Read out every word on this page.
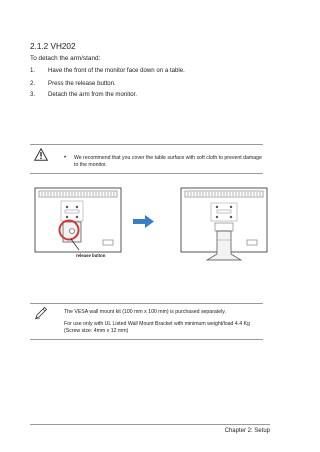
2.1.2 VH202
To detach the arm/stand:
1.	Have the front of the monitor face down on a table.
2.	Press the release button.
3.	Detach the arm from the monitor.
•	We recommend that you cover the table surface with soft cloth to prevent damage to the monitor.
release button
The VESA wall mount kit (100 mm x 100 mm) is purchased separately.
For use only with UL Listed Wall Mount Bracket with minimum weight/load 4.4 Kg (Screw size: 4mm x 12 mm)
Chapter 2: Setup
